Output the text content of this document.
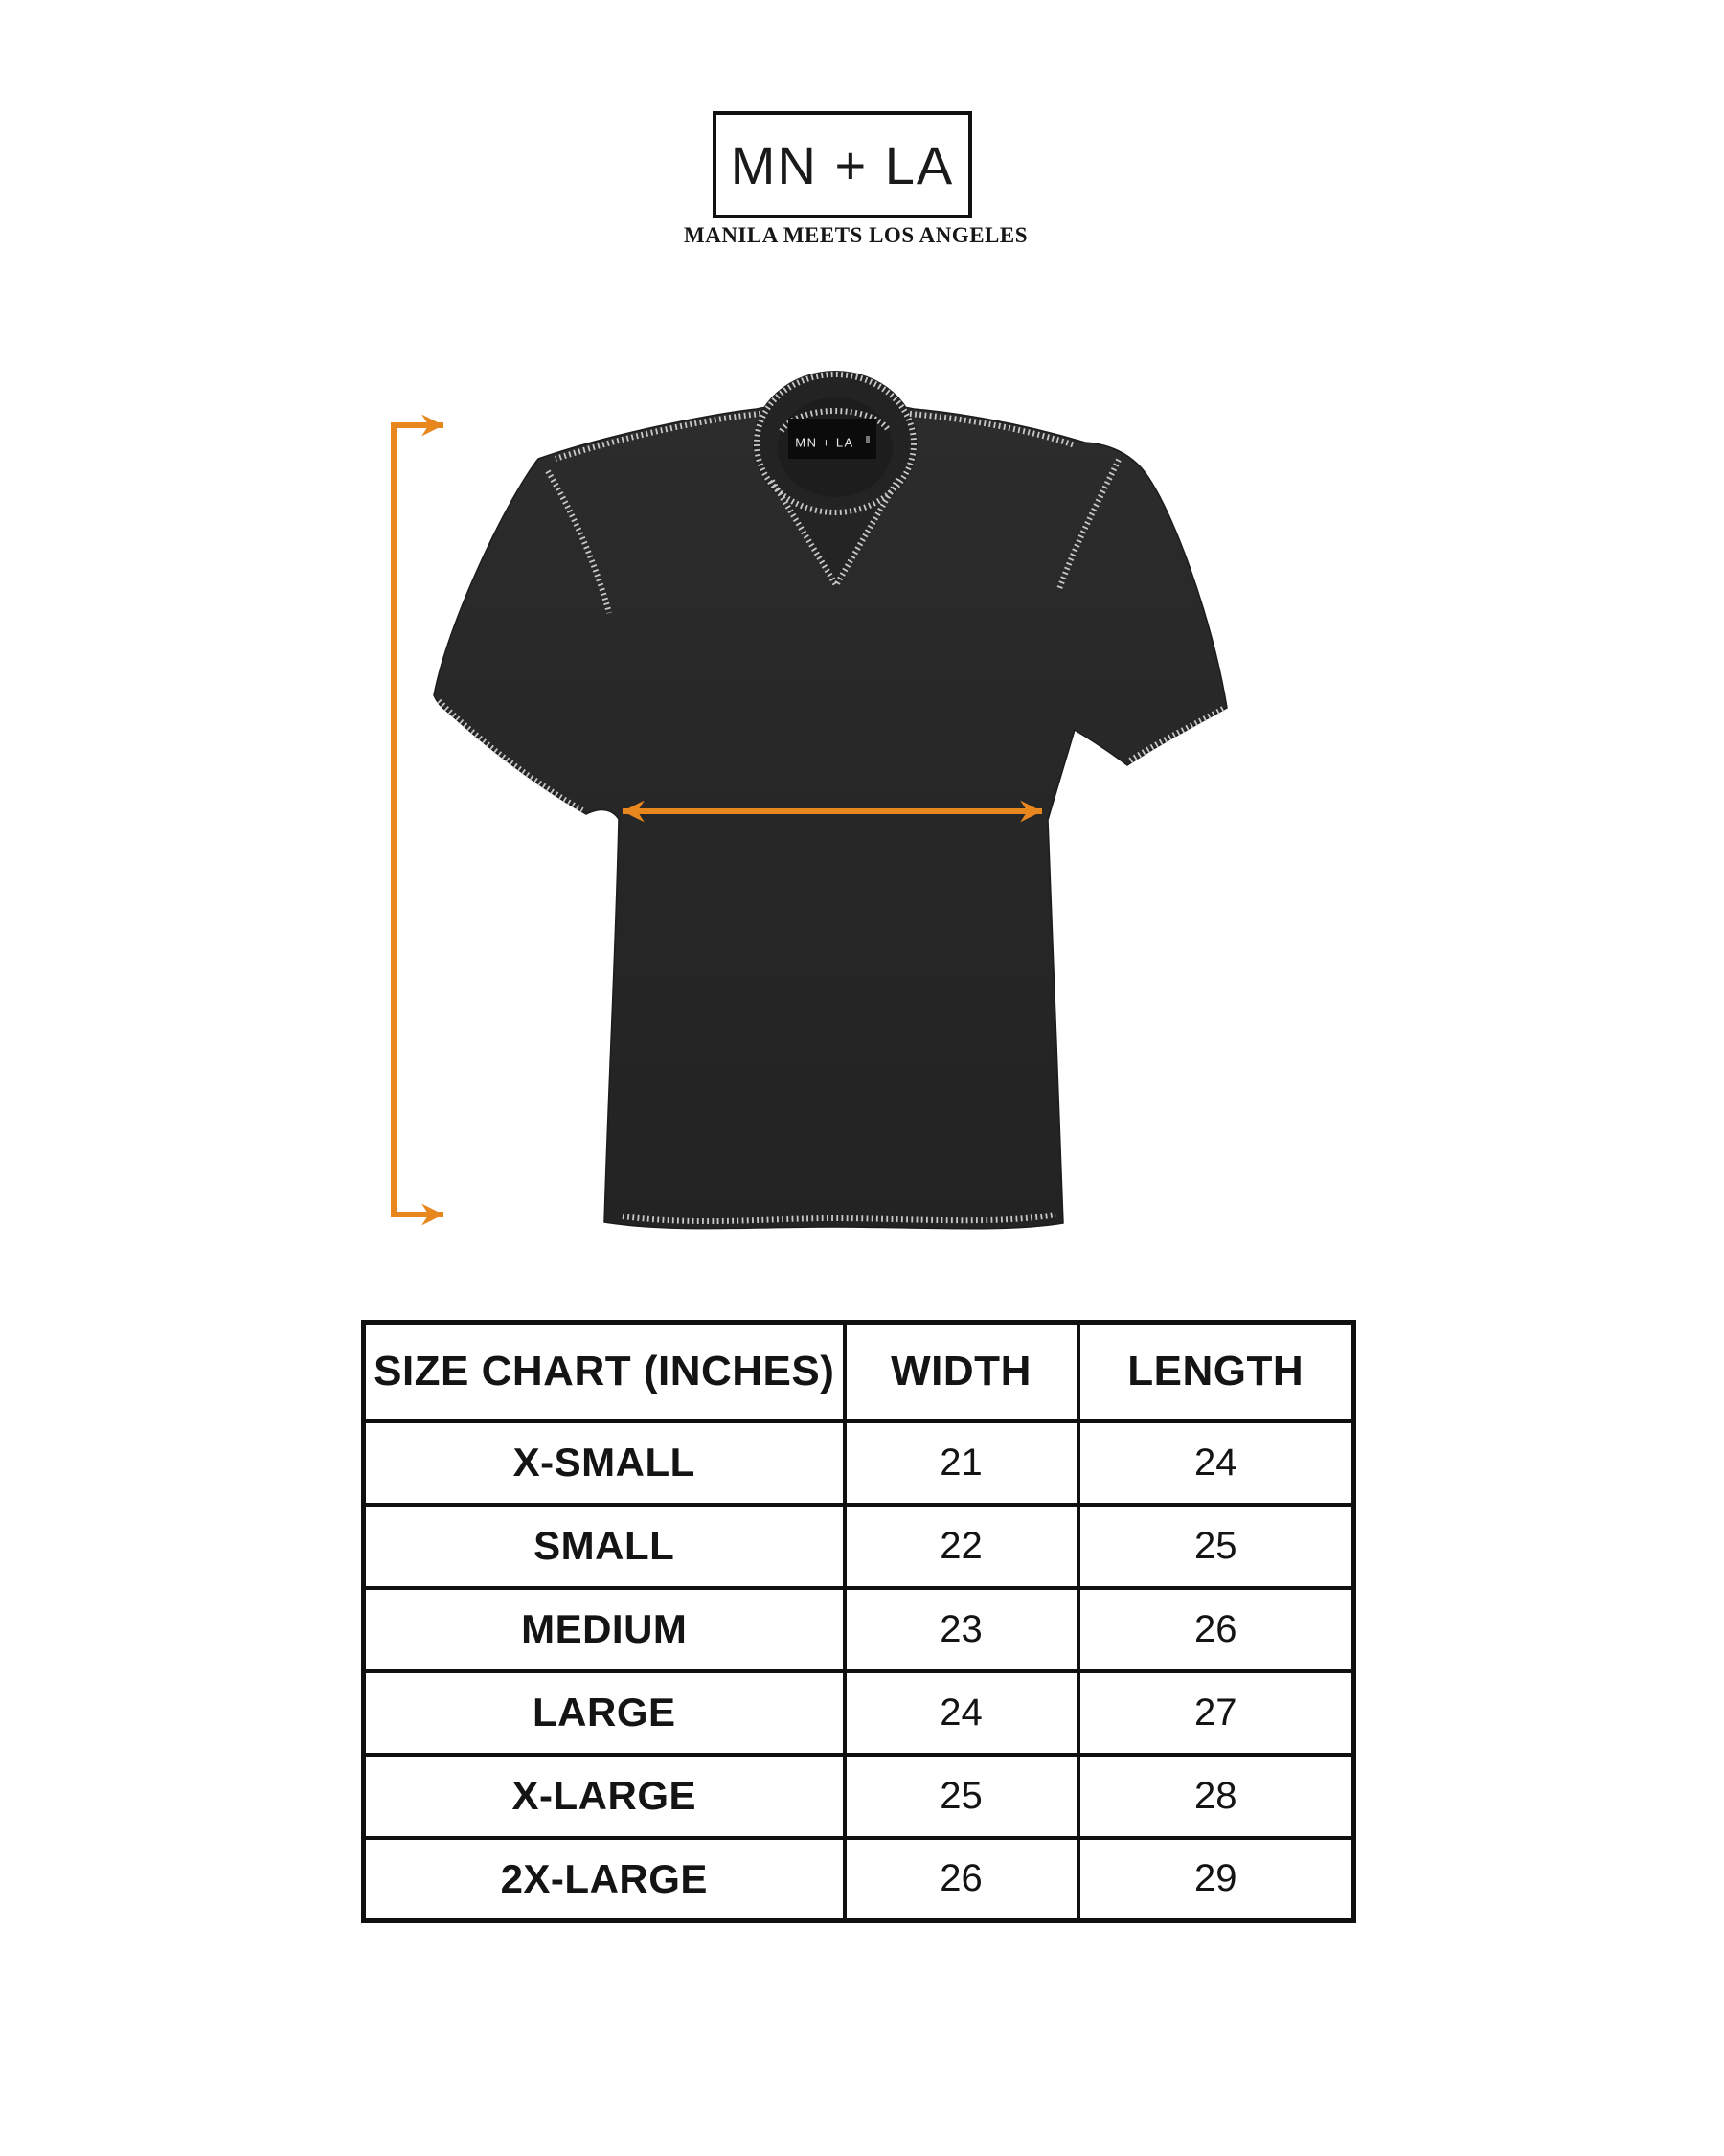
MN + LA
MANILA MEETS LOS ANGELES
MN + LA
SIZE CHART (INCHES)	WIDTH	LENGTH
X-SMALL	21	24
SMALL	22	25
MEDIUM	23	26
LARGE	24	27
X-LARGE	25	28
2X-LARGE	26	29
